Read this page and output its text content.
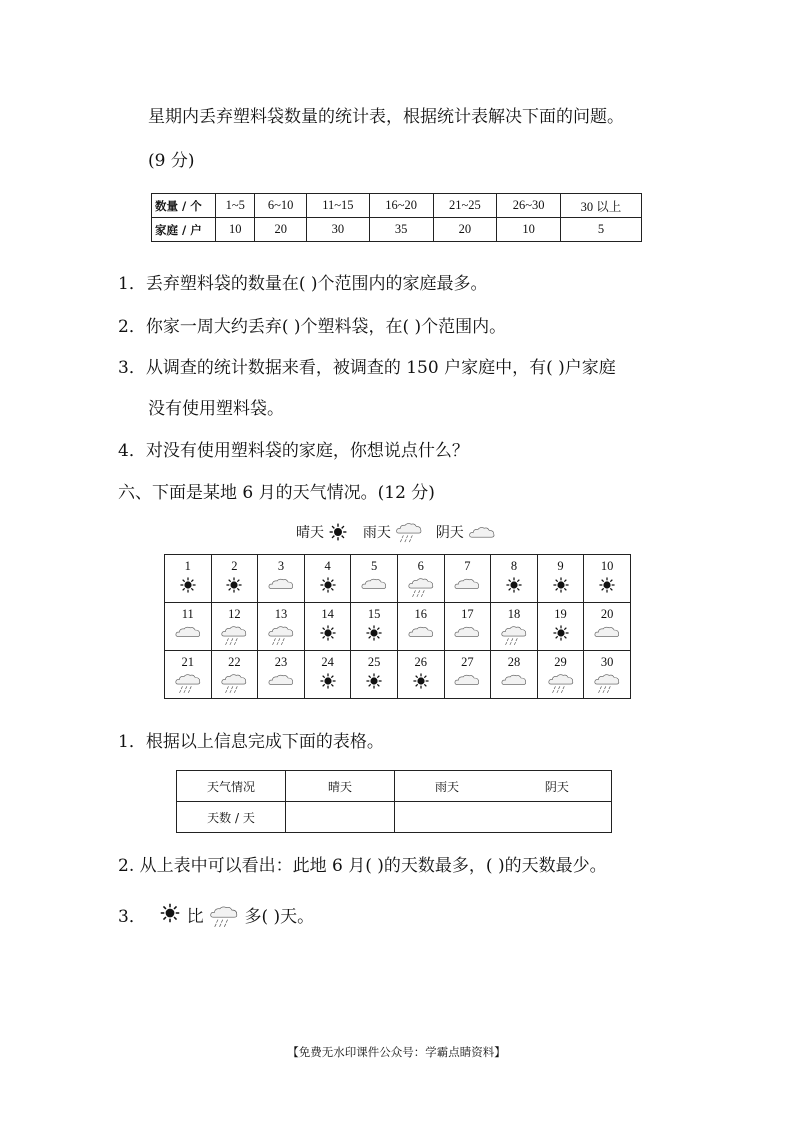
星期内丢弃塑料袋数量的统计表，根据统计表解决下面的问题。
(9 分)
数量 / 个	1~5	6~10	11~15	16~20	21~25	26~30	30 以上
家庭 / 户	10	20	30	35	20	10	5
1．丢弃塑料袋的数量在( )个范围内的家庭最多。
2．你家一周大约丢弃( )个塑料袋，在( )个范围内。
3．从调查的统计数据来看，被调查的 150 户家庭中，有( )户家庭
没有使用塑料袋。
4．对没有使用塑料袋的家庭，你想说点什么？
六、下面是某地 6 月的天气情况。(12 分)
晴天	雨天	阴天
1	2	3	4	5	6	7	8	9	10

11	12	13	14	15	16	17	18	19	20

21	22	23	24	25	26	27	28	29	30
1．根据以上信息完成下面的表格。
天气情况	晴天	雨天 阴天
天数 / 天		
2. 从上表中可以看出：此地 6 月( )的天数最多，( )的天数最少。
3． 比 多( )天。
【免费无水印课件公众号：学霸点睛资料】
